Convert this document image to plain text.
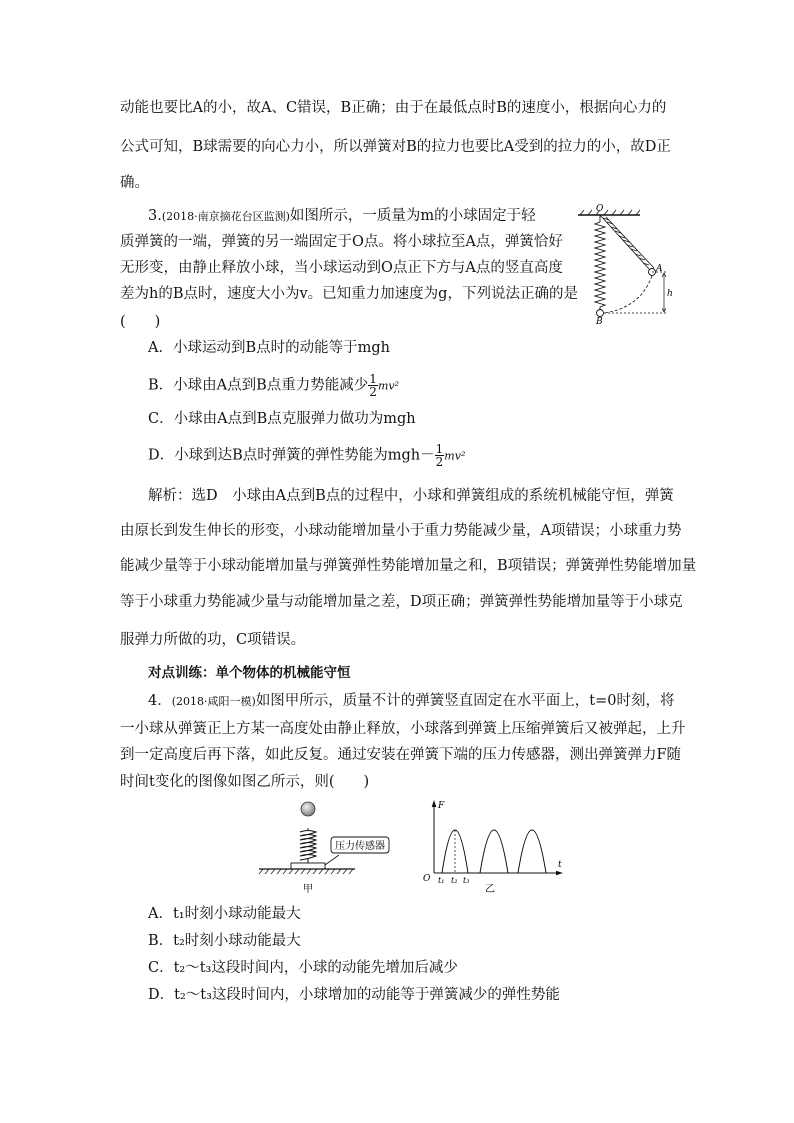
动能也要比A的小，故A、C错误，B正确；由于在最低点时B的速度小，根据向心力的
公式可知，B球需要的向心力小，所以弹簧对B的拉力也要比A受到的拉力的小，故D正
确。
3.(2018·南京摘花台区监测)如图所示，一质量为m的小球固定于轻
质弹簧的一端，弹簧的另一端固定于O点。将小球拉至A点，弹簧恰好
无形变，由静止释放小球，当小球运动到O点正下方与A点的竖直高度
差为h的B点时，速度大小为v。已知重力加速度为g，下列说法正确的是
(　　)
O
B
A
h
A．小球运动到B点时的动能等于mgh
B．小球由A点到B点重力势能减少 $\frac{1}{2} mv^2$
C．小球由A点到B点克服弹力做功为mgh
D．小球到达B点时弹簧的弹性势能为$mgh- \frac{1}{2} mv^2$
解析：选D　小球由A点到B点的过程中，小球和弹簧组成的系统机械能守恒，弹簧
由原长到发生伸长的形变，小球动能增加量小于重力势能减少量，A项错误；小球重力势
能减少量等于小球动能增加量与弹簧弹性势能增加量之和，B项错误；弹簧弹性势能增加量
等于小球重力势能减少量与动能增加量之差，D项正确；弹簧弹性势能增加量等于小球克
服弹力所做的功，C项错误。
对点训练：单个物体的机械能守恒
4．(2018·咸阳一模)如图甲所示，质量不计的弹簧竖直固定在水平面上，t=0时刻，将
一小球从弹簧正上方某一高度处由静止释放，小球落到弹簧上压缩弹簧后又被弹起，上升
到一定高度后再下落，如此反复。通过安装在弹簧下端的压力传感器，测出弹簧弹力F随
时间t变化的图像如图乙所示，则(　　)
压力传感器
甲
F
t
O t₁ t₂ t₃
乙
A．t₁时刻小球动能最大
B．t₂时刻小球动能最大
C．t₂～t₃这段时间内，小球的动能先增加后减少
D．t₂～t₃这段时间内，小球增加的动能等于弹簧减少的弹性势能
